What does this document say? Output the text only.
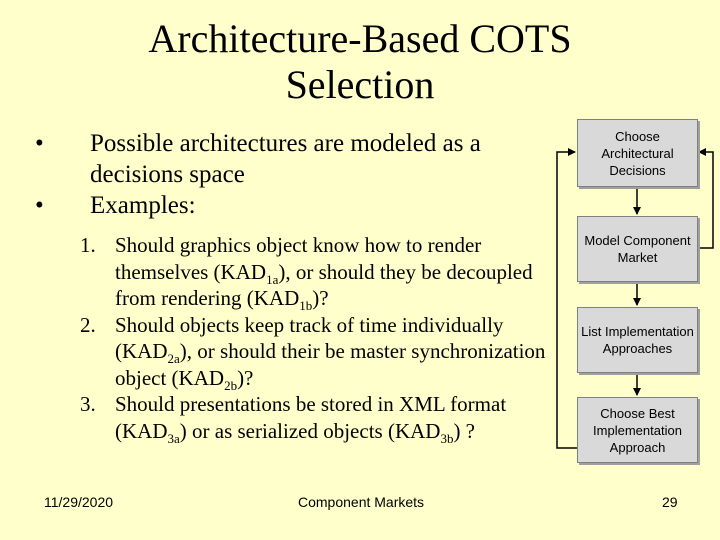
Architecture-Based COTS
Selection
•	Possible architectures are modeled as a decisions space
•	Examples:
1. Should graphics object know how to render themselves $(KAD_{1a})$, or should they be decoupled from rendering $(KAD_{1b})$?
2. Should objects keep track of time individually $(KAD_{2a})$, or should their be master synchronization object $(KAD_{2b})$?
3. Should presentations be stored in XML format $(KAD_{3a})$ or as serialized objects $(KAD_{3b})$ ?
Choose Architectural Decisions
Model Component Market
List Implementation Approaches
Choose Best Implementation Approach
11/29/2020	Component Markets	29
